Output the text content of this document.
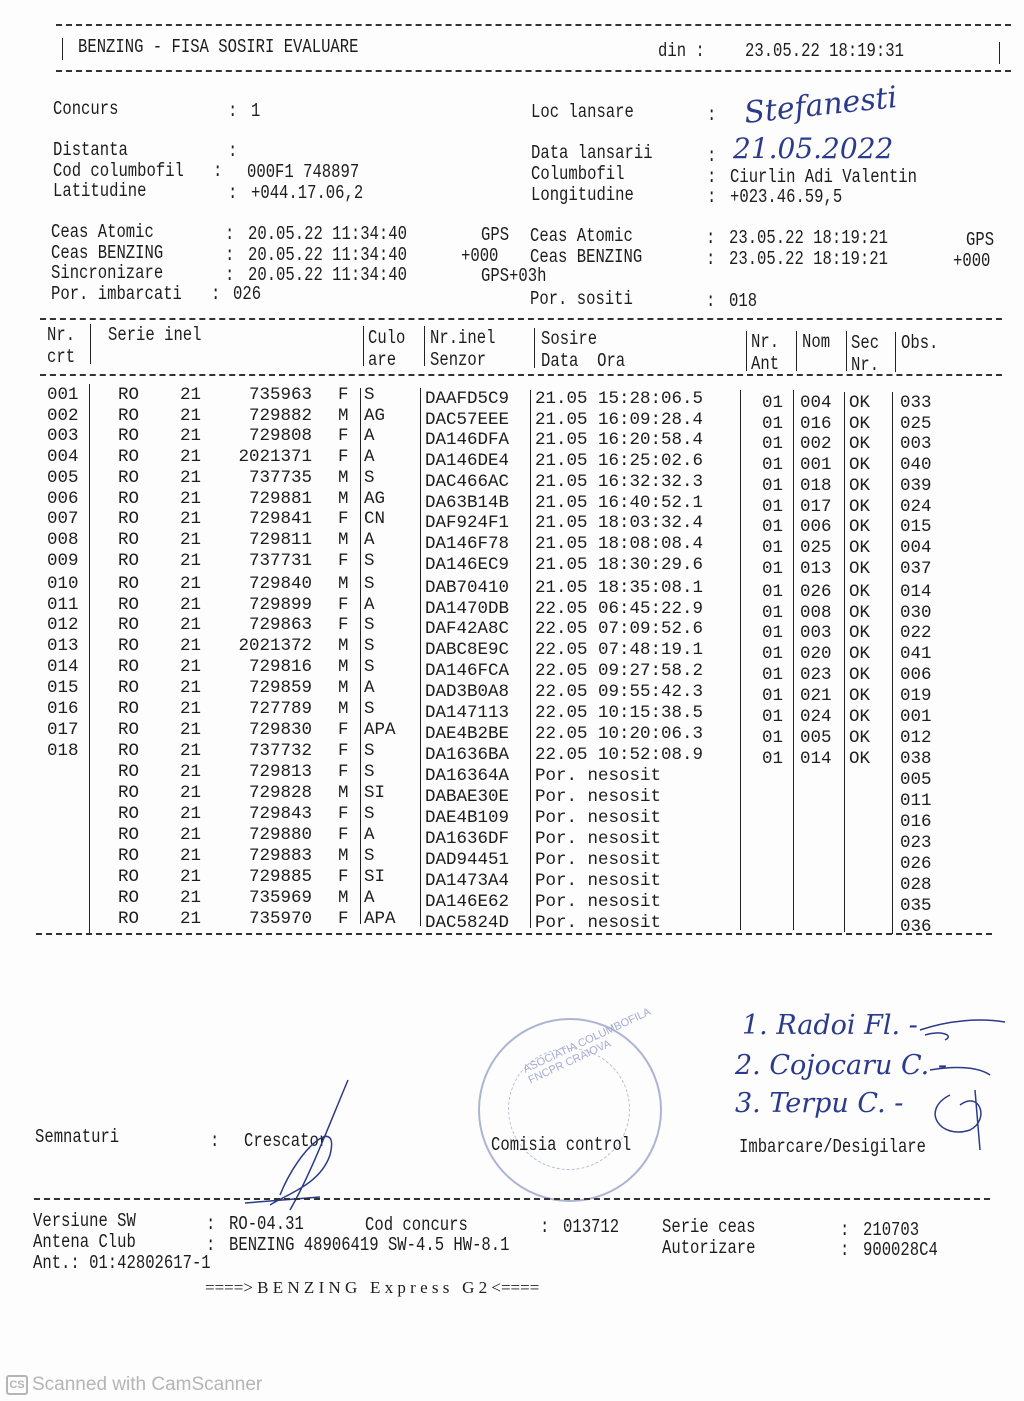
BENZING - FISA SOSIRI EVALUARE	din :	23.05.22 18:19:31
Concurs	: 1
Distanta	:
Cod columbofil : 000F1 748897
Latitudine	: +044.17.06,2
Loc lansare	: Stefanesti
Data lansarii	: 21.05.2022
Columbofil	: Ciurlin Adi Valentin
Longitudine	: +023.46.59,5
Ceas Atomic	: 20.05.22 11:34:40	GPS
Ceas BENZING	: 20.05.22 11:34:40	+000
Sincronizare	: 20.05.22 11:34:40	GPS+03h
Por. imbarcati : 026
Ceas Atomic	: 23.05.22 18:19:21	GPS
Ceas BENZING	: 23.05.22 18:19:21	+000
Por. sositi	: 018
Nr.
crt
Serie inel	Culo
are
Nr.inel
Senzor
Sosire
Data  Ora
Nr.
Ant
Nom	Sec
Nr.
Obs.
001	RO	21	735963 F S	DAAFD5C9	21.05 15:28:06.5	01 004 OK	033
002	RO	21	729882 M AG	DAC57EEE	21.05 16:09:28.4	01 016 OK	025
003	RO	21	729808 F A	DA146DFA	21.05 16:20:58.4	01 002 OK	003
004	RO	21	2021371 F A	DA146DE4	21.05 16:25:02.6	01 001 OK	040
005	RO	21	737735 M S	DAC466AC	21.05 16:32:32.3	01 018 OK	039
006	RO	21	729881 M AG	DA63B14B	21.05 16:40:52.1	01 017 OK	024
007	RO	21	729841 F CN	DAF924F1	21.05 18:03:32.4	01 006 OK	015
008	RO	21	729811 M A	DA146F78	21.05 18:08:08.4	01 025 OK	004
009	RO	21	737731 F S	DA146EC9	21.05 18:30:29.6	01 013 OK	037
010	RO	21	729840 M S	DAB70410	21.05 18:35:08.1	01 026 OK	014
011	RO	21	729899 F A	DA1470DB	22.05 06:45:22.9	01 008 OK	030
012	RO	21	729863 F S	DAF42A8C	22.05 07:09:52.6	01 003 OK	022
013	RO	21	2021372 M S	DABC8E9C	22.05 07:48:19.1	01 020 OK	041
014	RO	21	729816 M S	DA146FCA	22.05 09:27:58.2	01 023 OK	006
015	RO	21	729859 M A	DAD3B0A8	22.05 09:55:42.3	01 021 OK	019
016	RO	21	727789 M S	DA147113	22.05 10:15:38.5	01 024 OK	001
017	RO	21	729830 F APA	DAE4B2BE	22.05 10:20:06.3	01 005 OK	012
018	RO	21	737732 F S	DA1636BA	22.05 10:52:08.9	01 014 OK	038
RO	21	729813 F S	DA16364A	Por. nesosit	005
RO	21	729828 M SI	DABAE30E	Por. nesosit	011
RO	21	729843 F S	DAE4B109	Por. nesosit	016
RO	21	729880 F A	DA1636DF	Por. nesosit	023
RO	21	729883 M S	DAD94451	Por. nesosit	026
RO	21	729885 F SI	DA1473A4	Por. nesosit	028
RO	21	735969 M A	DA146E62	Por. nesosit	035
RO	21	735970 F APA	DAC5824D	Por. nesosit	036
Semnaturi	: Crescator
ASOCIATIA COLUMBOFILA FNCPR CRAIOVA
Comisia control
1. Radoi Fl. -
2. Cojocaru C. -
3. Terpu C. -
Imbarcare/Desigilare
Versiune SW	: RO-04.31	Cod concurs	: 013712	Serie ceas	: 210703
Antena Club	: BENZING 48906419 SW-4.5 HW-8.1	Autorizare	: 900028C4
Ant.: 01:42802617-1
====> B E N Z I N G   E x p r e s s   G 2 <====
CS Scanned with CamScanner
